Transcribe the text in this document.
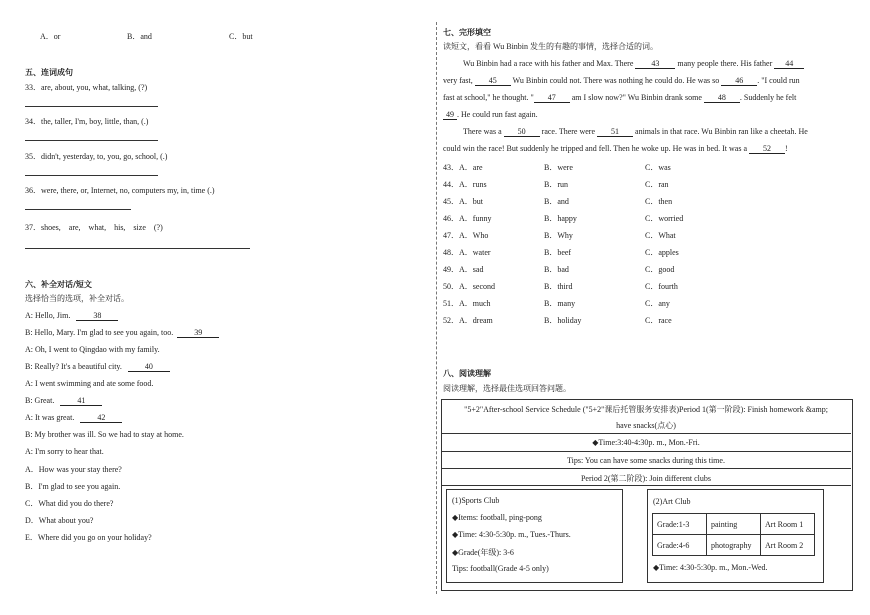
A．or	B．and	C．but
五、连词成句
33．are, about, you, what, talking, (?)
34．the, taller, I'm, boy, little, than, (.)
35．didn't, yesterday, to, you, go, school, (.)
36．were, there, or, Internet, no, computers my, in, time (.)
37．shoes,　are,　what,　his,　size　(?)
六、补全对话/短文
选择恰当的选项，补全对话。
A: Hello, Jim.	38
B: Hello, Mary. I'm glad to see you again, too.	39
A: Oh, I went to Qingdao with my family.
B: Really? It's a beautiful city.	40
A: I went swimming and ate some food.
B: Great.	41
A: It was great.	42
B: My brother was ill. So we had to stay at home.
A: I'm sorry to hear that.
A．How was your stay there?
B．I'm glad to see you again.
C．What did you do there?
D．What about you?
E．Where did you go on your holiday?
七、完形填空
读短文，看看 Wu Binbin 发生的有趣的事情，选择合适的词。
Wu Binbin had a race with his father and Max. There 43 many people there. His father 44
very fast, 45 Wu Binbin could not. There was nothing he could do. He was so 46 . "I could run
fast at school," he thought. " 47 am I slow now?" Wu Binbin drank some 48 . Suddenly he felt
49 . He could run fast again.
There was a 50 race. There were 51 animals in that race. Wu Binbin ran like a cheetah. He
could win the race! But suddenly he tripped and fell. Then he woke up. He was in bed. It was a 52 !
43．A．are	B．were	C．was
44．A．runs	B．run	C．ran
45．A．but	B．and	C．then
46．A．funny	B．happy	C．worried
47．A．Who	B．Why	C．What
48．A．water	B．beef	C．apples
49．A．sad	B．bad	C．good
50．A．second	B．third	C．fourth
51．A．much	B．many	C．any
52．A．dream	B．holiday	C．race
八、阅读理解
阅读理解，选择最佳选项回答问题。
"5+2"After-school Service Schedule ("5+2"课后托管服务安排表)Period 1(第一阶段): Finish homework &amp;
have snacks(点心)
◆Time:3:40-4:30p. m., Mon.-Fri.
Tips: You can have some snacks during this time.
Period 2(第二阶段): Join different clubs
(1)Sports Club
◆Items: football, ping-pong
◆Time: 4:30-5:30p. m., Tues.-Thurs.
◆Grade(年级): 3-6
Tips: football(Grade 4-5 only)
(2)Art Club
Grade:1-3	painting	Art Room 1
Grade:4-6	photography	Art Room 2
◆Time: 4:30-5:30p. m., Mon.-Wed.
